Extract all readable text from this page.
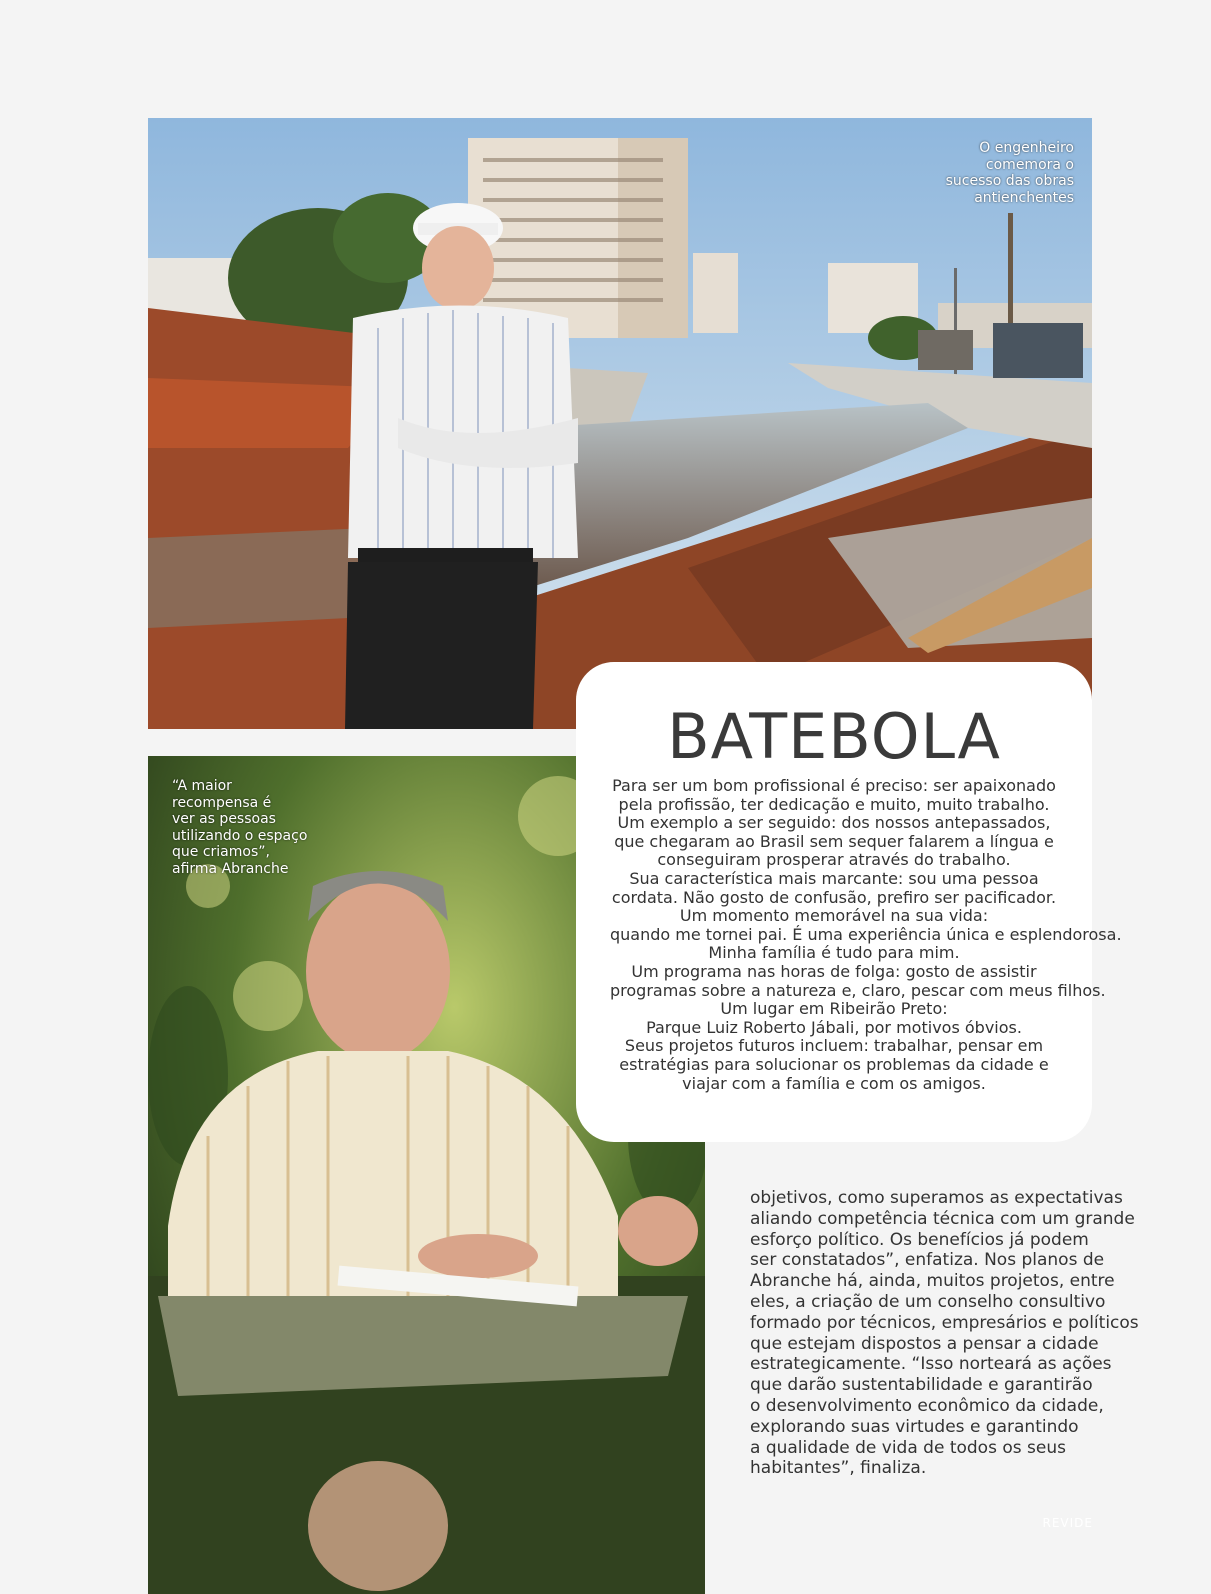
O engenheiro
comemora o
sucesso das obras
antienchentes
“A maior
recompensa é
ver as pessoas
utilizando o espaço
que criamos”,
afirma Abranche
BATEBOLA
Para ser um bom profissional é preciso: ser apaixonado
pela profissão, ter dedicação e muito, muito trabalho.
Um exemplo a ser seguido: dos nossos antepassados,
que chegaram ao Brasil sem sequer falarem a língua e
conseguiram prosperar através do trabalho.
Sua característica mais marcante: sou uma pessoa
cordata. Não gosto de confusão, prefiro ser pacificador.
Um momento memorável na sua vida:
quando me tornei pai. É uma experiência única e esplendorosa.
Minha família é tudo para mim.
Um programa nas horas de folga: gosto de assistir
programas sobre a natureza e, claro, pescar com meus filhos.
Um lugar em Ribeirão Preto:
Parque Luiz Roberto Jábali, por motivos óbvios.
Seus projetos futuros incluem: trabalhar, pensar em
estratégias para solucionar os problemas da cidade e
viajar com a família e com os amigos.
objetivos, como superamos as expectativas
aliando competência técnica com um grande
esforço político. Os benefícios já podem
ser constatados”, enfatiza. Nos planos de
Abranche há, ainda, muitos projetos, entre
eles, a criação de um conselho consultivo
formado por técnicos, empresários e políticos
que estejam dispostos a pensar a cidade
estrategicamente. “Isso norteará as ações
que darão sustentabilidade e garantirão
o desenvolvimento econômico da cidade,
explorando suas virtudes e garantindo
a qualidade de vida de todos os seus
habitantes”, finaliza.
REVIDE
